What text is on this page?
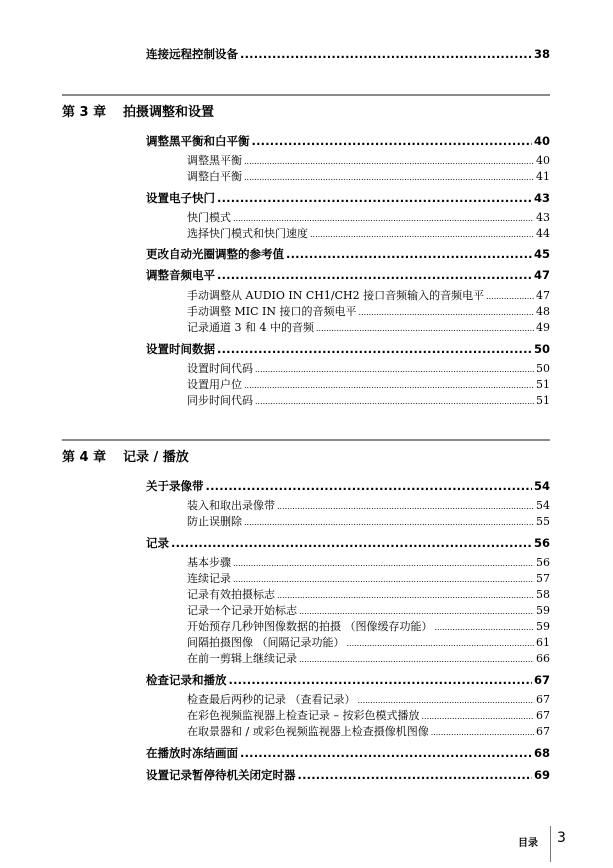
连接远程控制设备 .....	38
第 3 章 拍摄调整和设置
调整黑平衡和白平衡 .....	40
调整黑平衡 .....	40
调整白平衡 .....	41
设置电子快门 .....	43
快门模式 .....	43
选择快门模式和快门速度 .....	44
更改自动光圈调整的参考值 .....	45
调整音频电平 .....	47
手动调整从 AUDIO IN CH1/CH2 接口音频输入的音频电平 .....	47
手动调整 MIC IN 接口的音频电平 .....	48
记录通道 3 和 4 中的音频 .....	49
设置时间数据 .....	50
设置时间代码 .....	50
设置用户位 .....	51
同步时间代码 .....	51
第 4 章 记录 / 播放
关于录像带 .....	54
装入和取出录像带 .....	54
防止误删除 .....	55
记录 .....	56
基本步骤 .....	56
连续记录 .....	57
记录有效拍摄标志 .....	58
记录一个记录开始标志 .....	59
开始预存几秒钟图像数据的拍摄 （图像缓存功能） .....	59
间隔拍摄图像 （间隔记录功能） .....	61
在前一剪辑上继续记录 .....	66
检查记录和播放 .....	67
检查最后两秒的记录 （查看记录） .....	67
在彩色视频监视器上检查记录 – 按彩色模式播放 .....	67
在取景器和 / 或彩色视频监视器上检查摄像机图像 .....	67
在播放时冻结画面 .....	68
设置记录暂停待机关闭定时器 .....	69
目录 3
